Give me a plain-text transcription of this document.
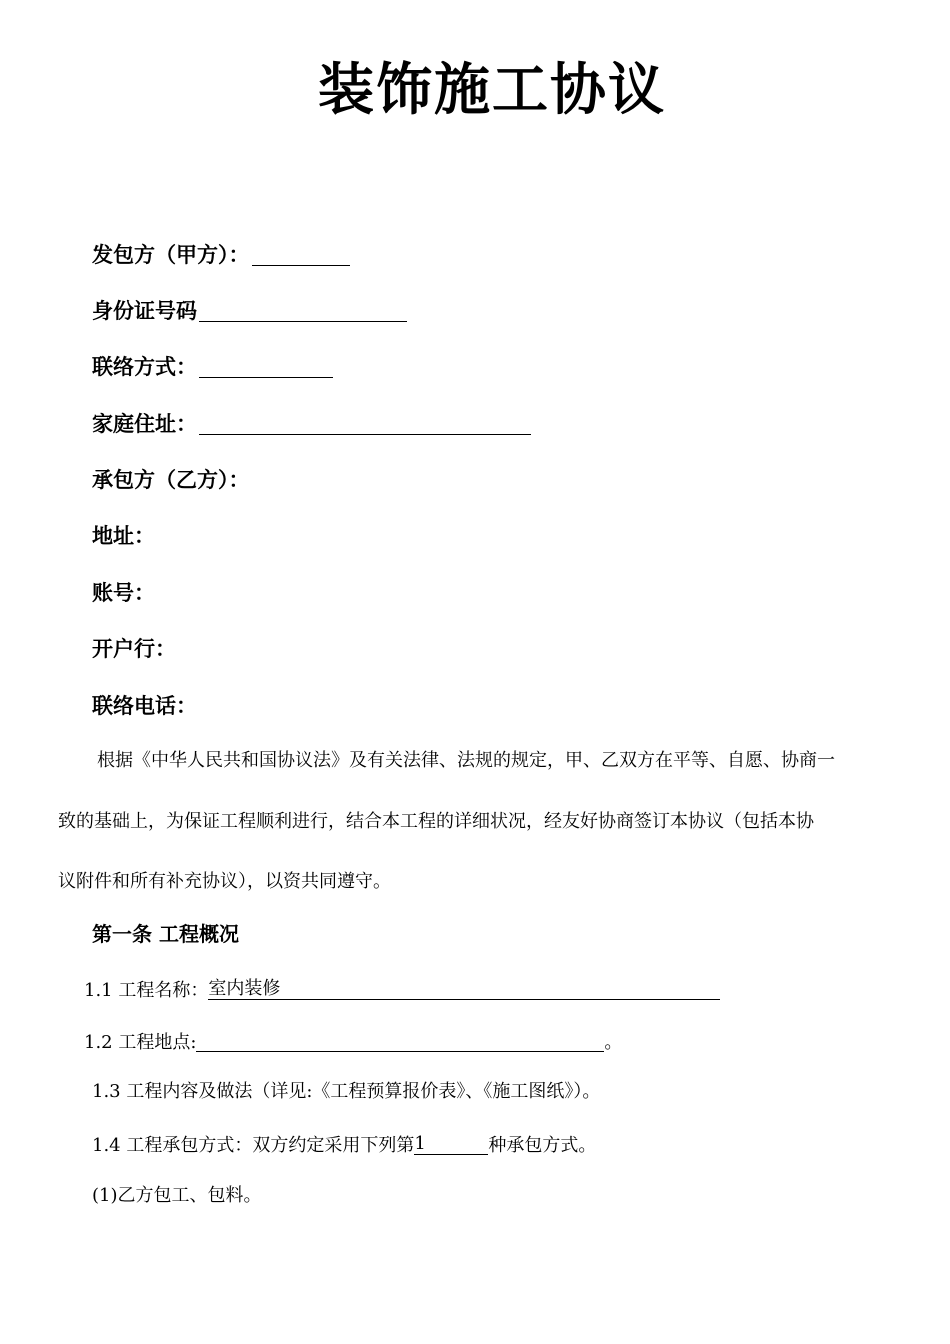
装饰施工协议
发包方（甲方）：
身份证号码
联络方式：
家庭住址：
承包方（乙方）：
地址：
账号：
开户行：
联络电话：
根据《中华人民共和国协议法》及有关法律、法规的规定，甲、乙双方在平等、自愿、协商一
致的基础上，为保证工程顺利进行，结合本工程的详细状况，经友好协商签订本协议（包括本协
议附件和所有补充协议），以资共同遵守。
第一条 工程概况
1.1 工程名称：室内装修
1.2 工程地点:	。
1.3 工程内容及做法（详见:《工程预算报价表》、《施工图纸》）。
1.4 工程承包方式：双方约定采用下列第1	种承包方式。
(1)乙方包工、包料。
